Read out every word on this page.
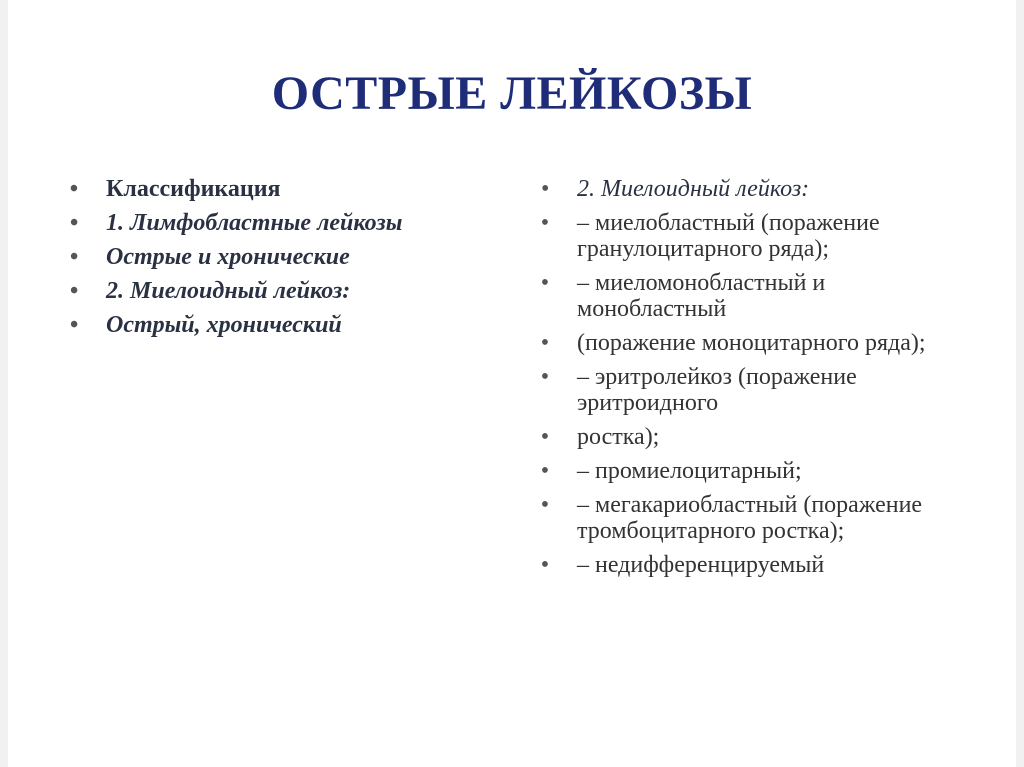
ОСТРЫЕ ЛЕЙКОЗЫ
• Классификация
• 1. Лимфобластные лейкозы
• Острые и хронические
• 2. Миелоидный лейкоз:
• Острый, хронический
• 2. Миелоидный лейкоз:
• – миелобластный (поражение гранулоцитарного ряда);
• – миеломонобластный и монобластный
• (поражение моноцитарного ряда);
• – эритролейкоз (поражение эритроидного
• ростка);
• – промиелоцитарный;
• – мегакариобластный (поражение тромбоцитарного ростка);
• – недифференцируемый
